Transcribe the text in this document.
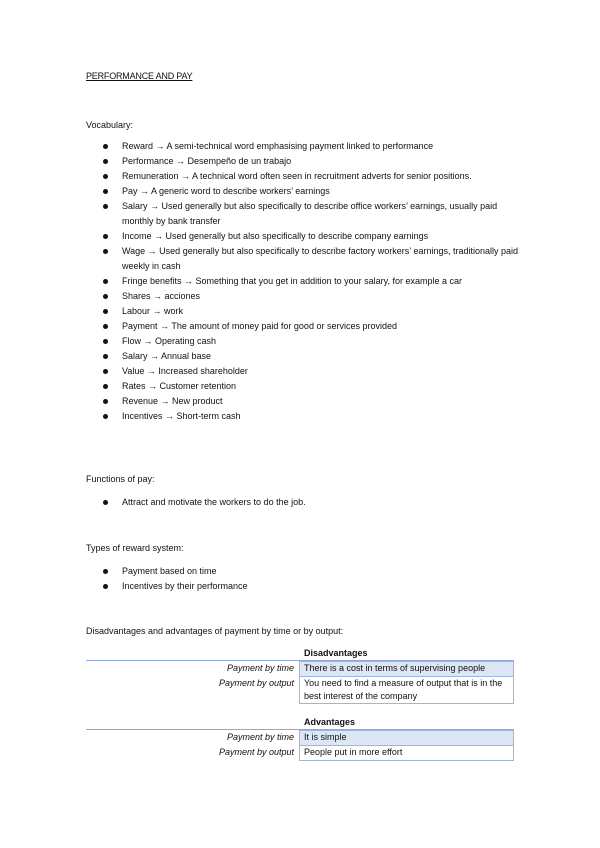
PERFORMANCE AND PAY
Vocabulary:
Reward → A semi-technical word emphasising payment linked to performance
Performance → Desempeño de un trabajo
Remuneration → A technical word often seen in recruitment adverts for senior positions.
Pay → A generic word to describe workers’ earnings
Salary → Used generally but also specifically to describe office workers’ earnings, usually paid monthly by bank transfer
Income → Used generally but also specifically to describe company earnings
Wage → Used generally but also specifically to describe factory workers’ earnings, traditionally paid weekly in cash
Fringe benefits → Something that you get in addition to your salary, for example a car
Shares → acciones
Labour → work
Payment → The amount of money paid for good or services provided
Flow → Operating cash
Salary → Annual base
Value → Increased shareholder
Rates → Customer retention
Revenue → New product
Incentives → Short-term cash
Functions of pay:
Attract and motivate the workers to do the job.
Types of reward system:
Payment based on time
Incentives by their performance
Disadvantages and advantages of payment by time or by output:
Disadvantages
Payment by time	There is a cost in terms of supervising people
Payment by output	You need to find a measure of output that is in the best interest of the company
Advantages
Payment by time	It is simple
Payment by output	People put in more effort
